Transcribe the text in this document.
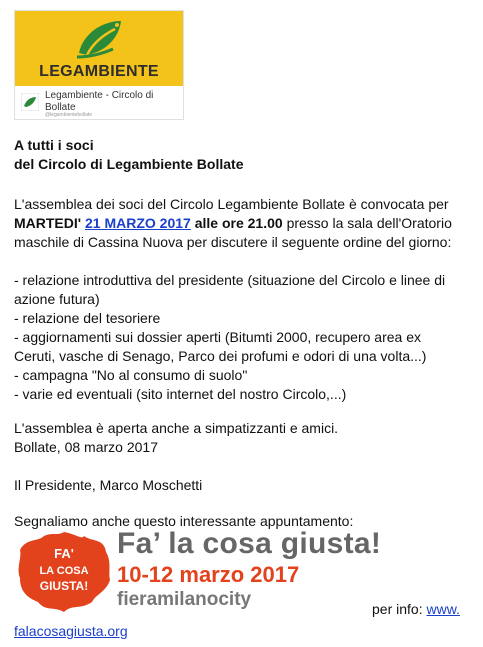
LEGAMBIENTE
Legambiente - Circolo di
Bollate
@legambientebollate
A tutti i soci
del Circolo di Legambiente Bollate
L'assemblea dei soci del Circolo Legambiente Bollate è convocata per
MARTEDI' 21 MARZO 2017 alle ore 21.00 presso la sala dell'Oratorio
maschile di Cassina Nuova per discutere il seguente ordine del giorno:
- relazione introduttiva del presidente (situazione del Circolo e linee di
azione futura)
- relazione del tesoriere
- aggiornamenti sui dossier aperti (Bitumti 2000, recupero area ex
Ceruti, vasche di Senago, Parco dei profumi e odori di una volta...)
- campagna "No al consumo di suolo"
- varie ed eventuali (sito internet del nostro Circolo,...)
L'assemblea è aperta anche a simpatizzanti e amici.
Bollate, 08 marzo 2017
Il Presidente, Marco Moschetti
Segnaliamo anche questo interessante appuntamento:
FA'
LA COSA
GIUSTA!
Fa’ la cosa giusta!
10-12 marzo 2017
fieramilanocity	per info: www.
falacosagiusta.org
